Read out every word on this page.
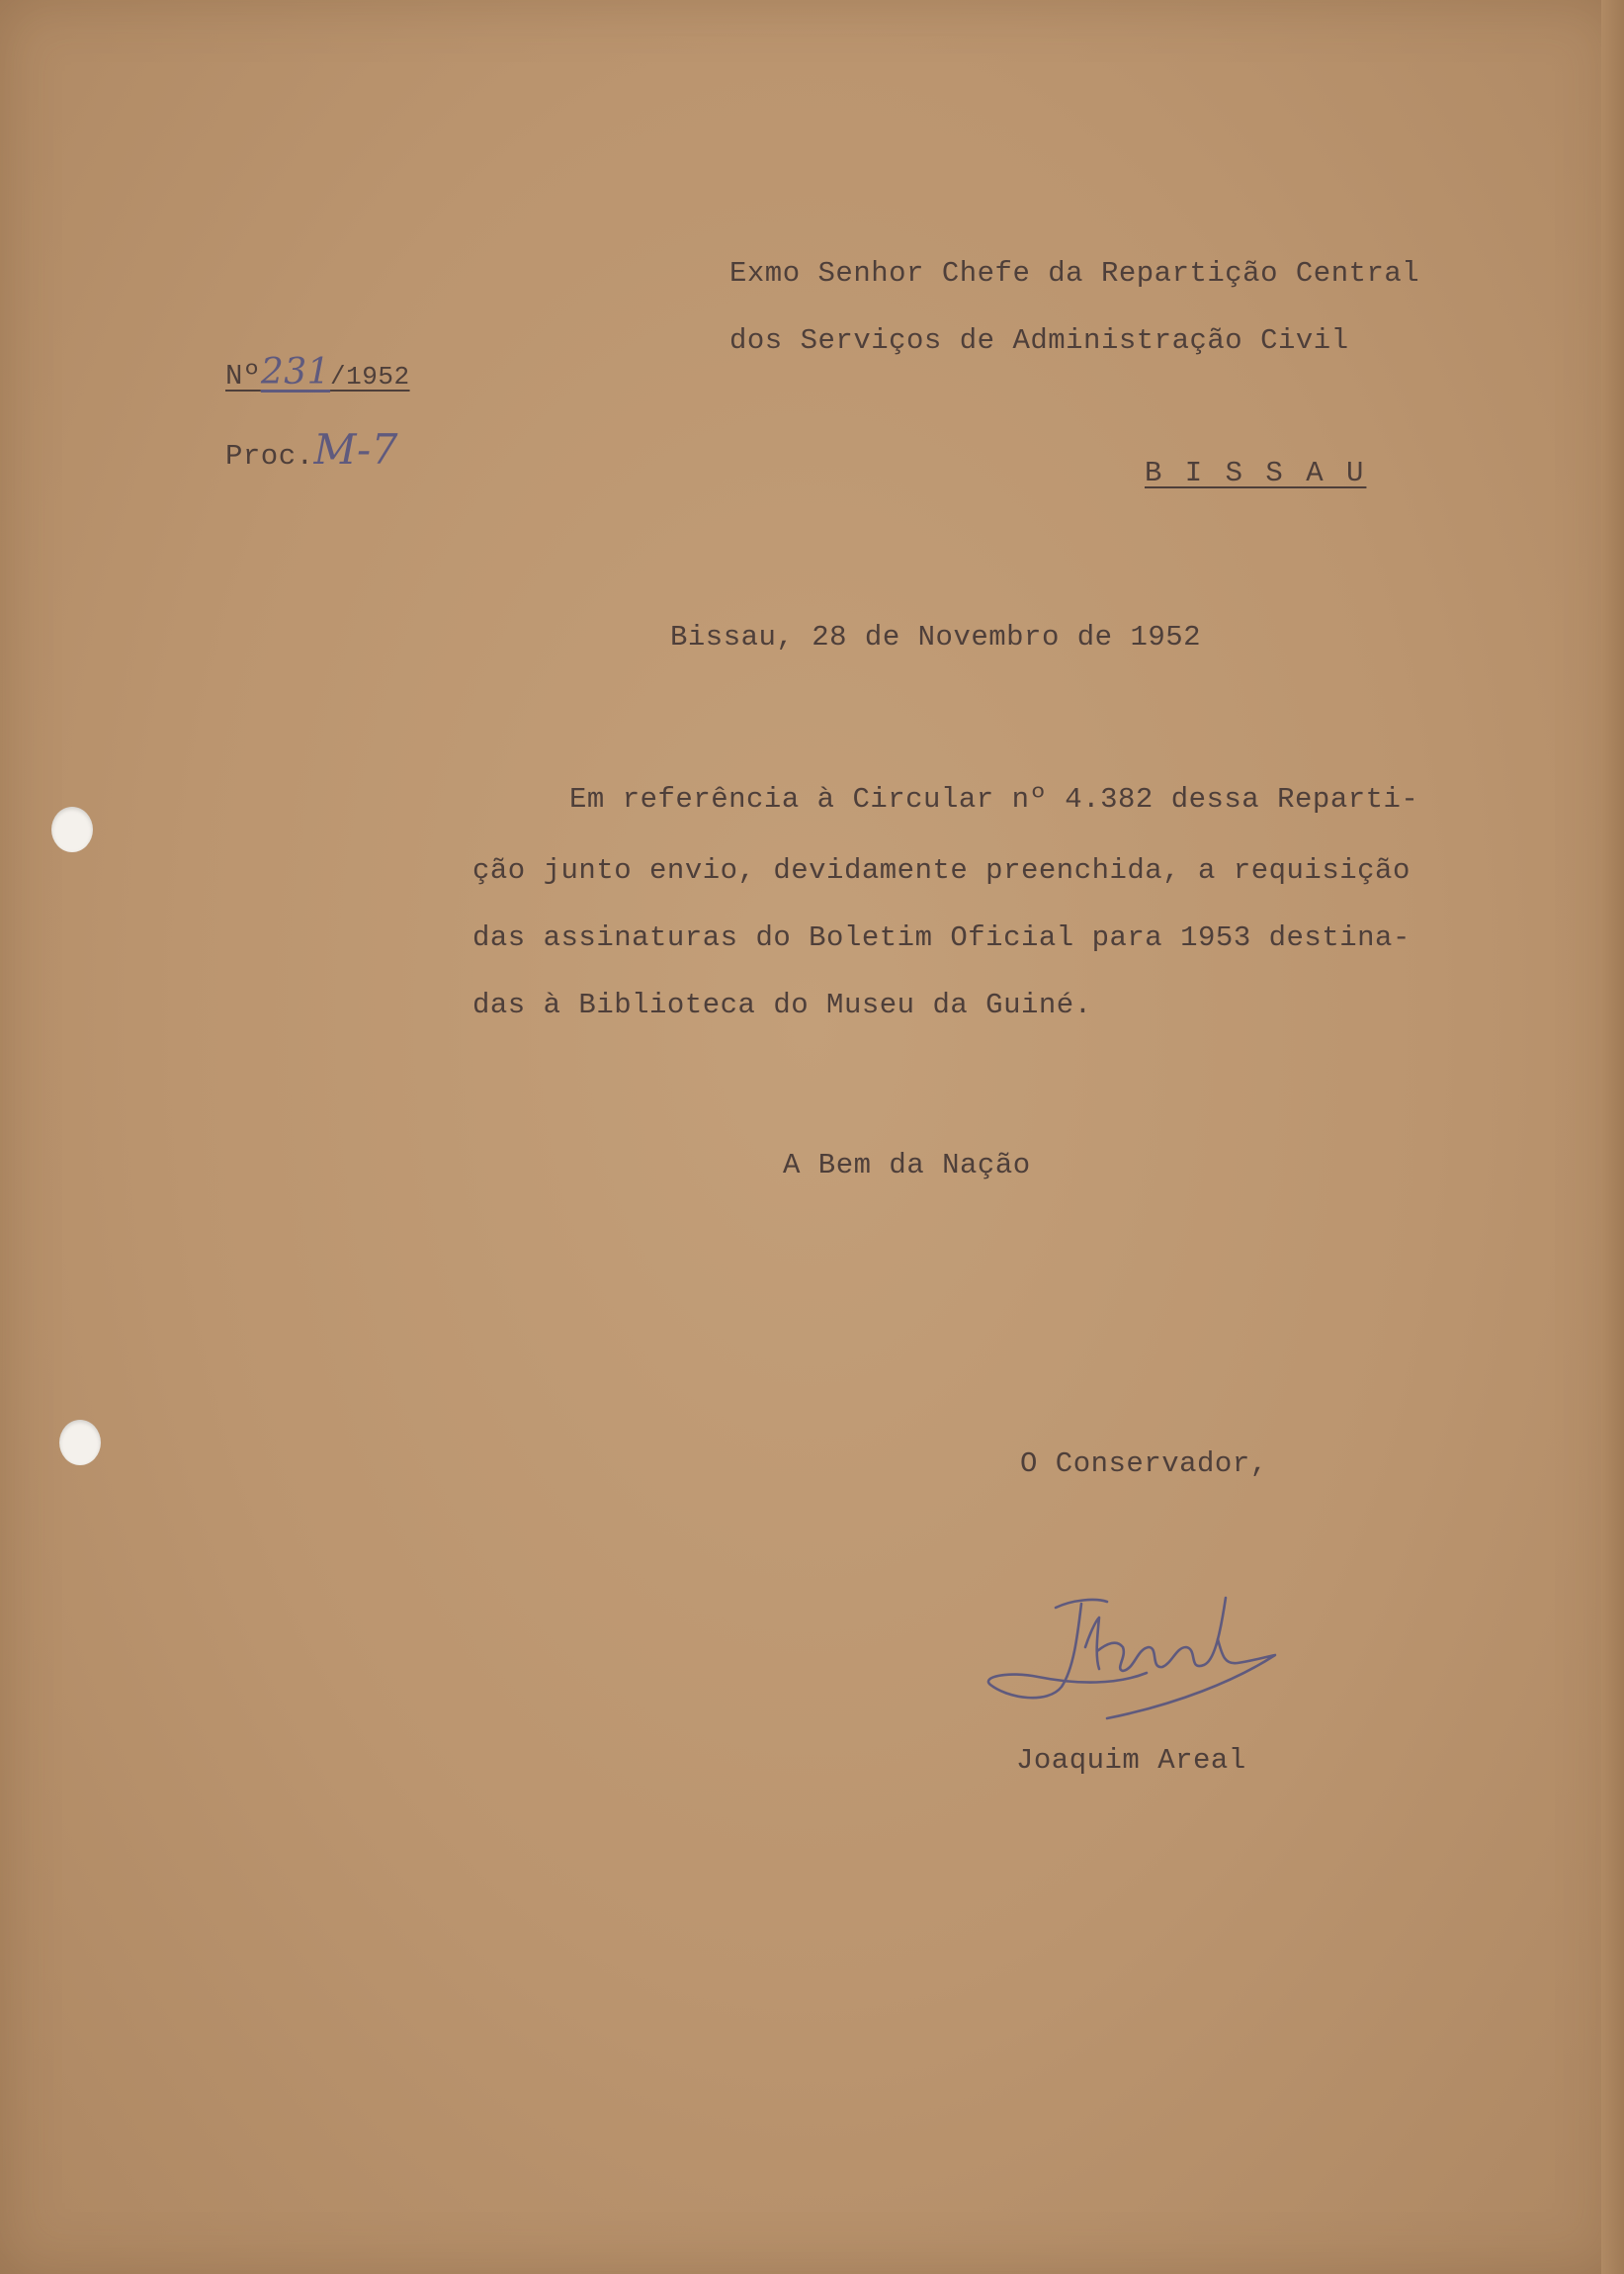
Nº231/1952
Proc.M-7
Exmo Senhor Chefe da Repartição Central
dos Serviços de Administração Civil
B I S S A U
Bissau, 28 de Novembro de 1952
Em referência à Circular nº 4.382 dessa Reparti-
ção junto envio, devidamente preenchida, a requisição
das assinaturas do Boletim Oficial para 1953 destina-
das à Biblioteca do Museu da Guiné.
A Bem da Nação
O Conservador,
Joaquim Areal
